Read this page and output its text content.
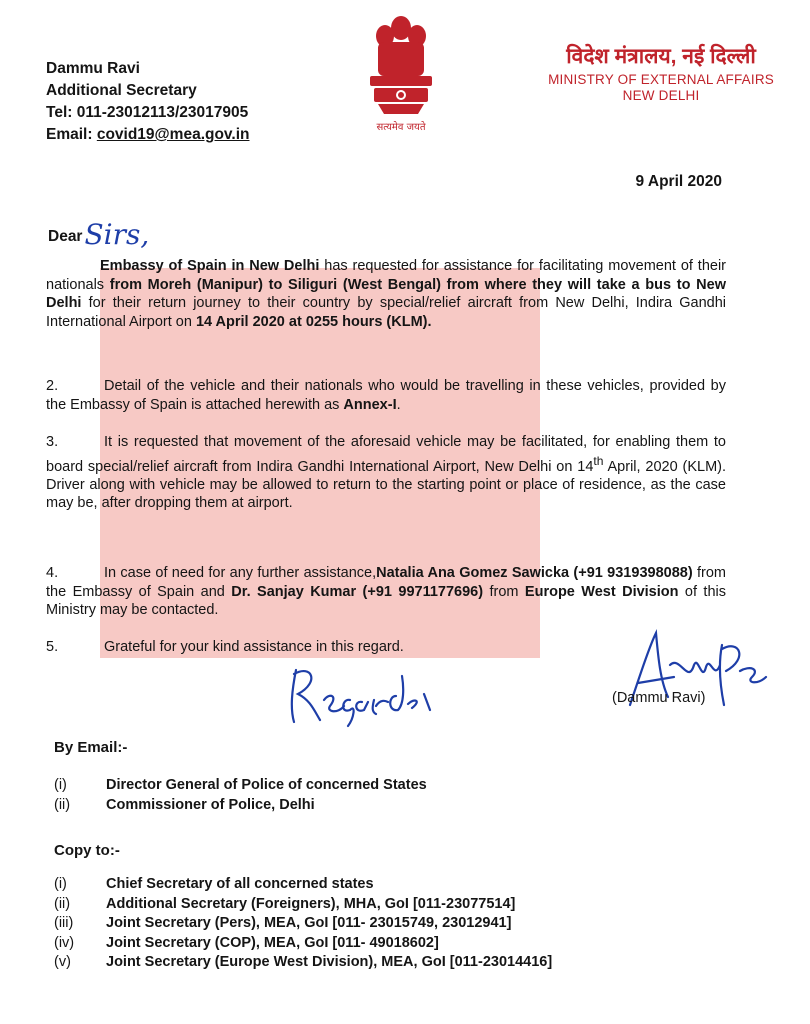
सत्यमेव जयते
Dammu Ravi
Additional Secretary
Tel: 011-23012113/23017905
Email: covid19@mea.gov.in
विदेश मंत्रालय, नई दिल्ली
MINISTRY OF EXTERNAL AFFAIRS
NEW DELHI
9 April 2020
DearSirs,
Embassy of Spain in New Delhi has requested for assistance for facilitating movement of their nationals from Moreh (Manipur) to Siliguri (West Bengal) from where they will take a bus to New Delhi for their return journey to their country by special/relief aircraft from New Delhi, Indira Gandhi International Airport on 14 April 2020 at 0255 hours (KLM).
2.	Detail of the vehicle and their nationals who would be travelling in these vehicles, provided by the Embassy of Spain is attached herewith as Annex-I.
3.	It is requested that movement of the aforesaid vehicle may be facilitated, for enabling them to board special/relief aircraft from Indira Gandhi International Airport, New Delhi on 14th April, 2020 (KLM). Driver along with vehicle may be allowed to return to the starting point or place of residence, as the case may be, after dropping them at airport.
4.	In case of need for any further assistance,Natalia Ana Gomez Sawicka (+91 9319398088) from the Embassy of Spain and Dr. Sanjay Kumar (+91 9971177696) from Europe West Division of this Ministry may be contacted.
5.	Grateful for your kind assistance in this regard.
(Dammu Ravi)
By Email:-
(i)	Director General of Police of concerned States
(ii) Commissioner of Police, Delhi
Copy to:-
(i)	Chief Secretary of all concerned states
(ii) Additional Secretary (Foreigners), MHA, GoI [011-23077514]
(iii) Joint Secretary (Pers), MEA, GoI [011- 23015749, 23012941]
(iv) Joint Secretary (COP), MEA, GoI [011- 49018602]
(v) Joint Secretary (Europe West Division), MEA, GoI [011-23014416]
